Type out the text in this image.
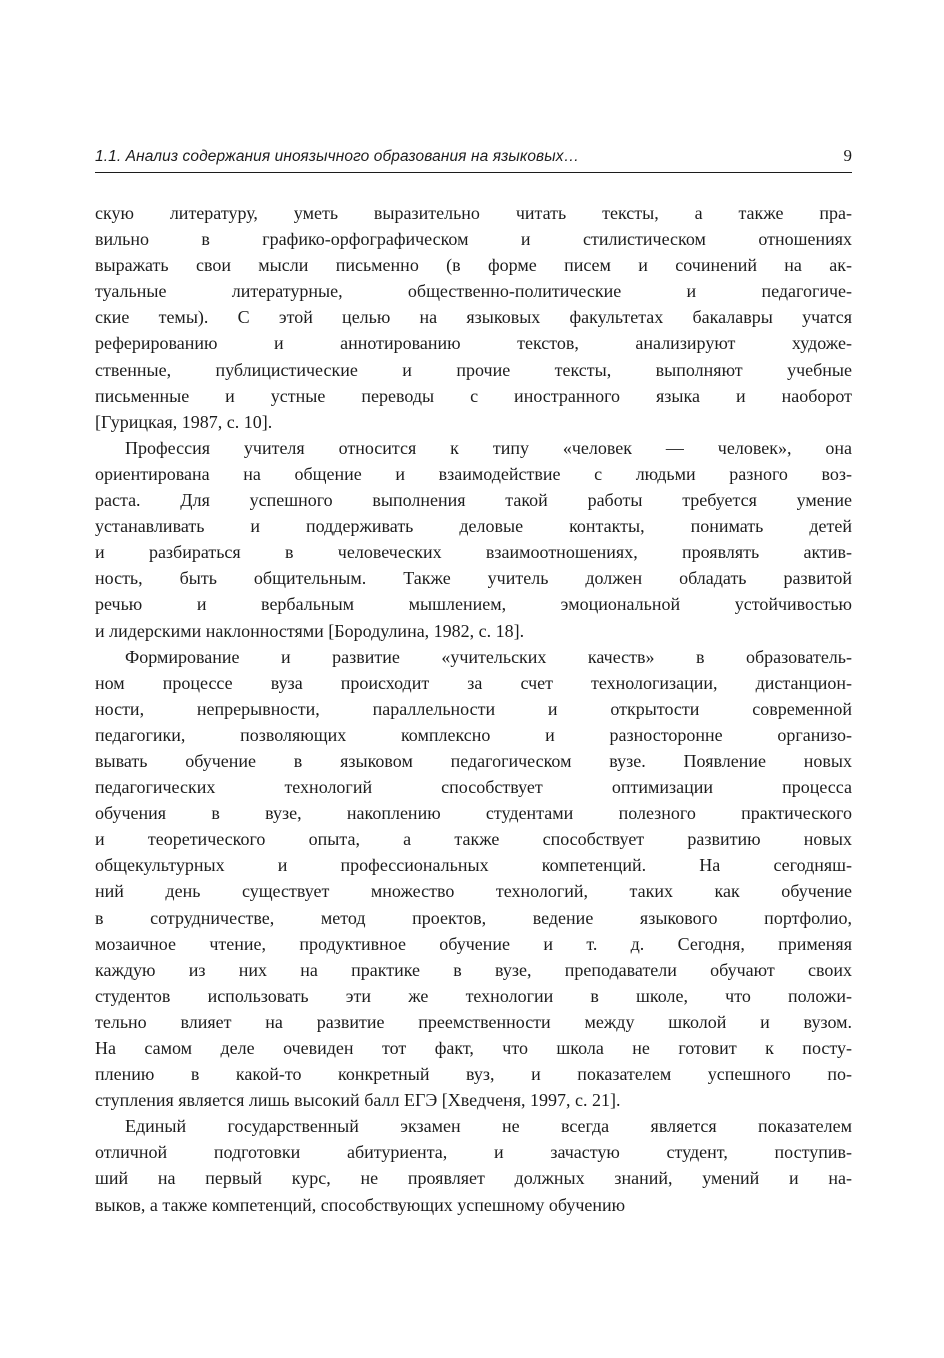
1.1. Анализ содержания иноязычного образования на языковых…	9
скую литературу, уметь выразительно читать тексты, а также пра-
вильно в графико-орфографическом и стилистическом отношениях
выражать свои мысли письменно (в форме писем и сочинений на ак-
туальные литературные, общественно-политические и педагогиче-
ские темы). С этой целью на языковых факультетах бакалавры учатся
реферированию и аннотированию текстов, анализируют художе-
ственные, публицистические и прочие тексты, выполняют учебные
письменные и устные переводы с иностранного языка и наоборот
[Гурицкая, 1987, с. 10].
Профессия учителя относится к типу «человек — человек», она
ориентирована на общение и взаимодействие с людьми разного воз-
раста. Для успешного выполнения такой работы требуется умение
устанавливать и поддерживать деловые контакты, понимать детей
и разбираться в человеческих взаимоотношениях, проявлять актив-
ность, быть общительным. Также учитель должен обладать развитой
речью и вербальным мышлением, эмоциональной устойчивостью
и лидерскими наклонностями [Бородулина, 1982, с. 18].
Формирование и развитие «учительских качеств» в образователь-
ном процессе вуза происходит за счет технологизации, дистанцион-
ности, непрерывности, параллельности и открытости современной
педагогики, позволяющих комплексно и разносторонне организо-
вывать обучение в языковом педагогическом вузе. Появление новых
педагогических технологий способствует оптимизации процесса
обучения в вузе, накоплению студентами полезного практического
и теоретического опыта, а также способствует развитию новых
общекультурных и профессиональных компетенций. На сегодняш-
ний день существует множество технологий, таких как обучение
в сотрудничестве, метод проектов, ведение языкового портфолио,
мозаичное чтение, продуктивное обучение и т. д. Сегодня, применяя
каждую из них на практике в вузе, преподаватели обучают своих
студентов использовать эти же технологии в школе, что положи-
тельно влияет на развитие преемственности между школой и вузом.
На самом деле очевиден тот факт, что школа не готовит к посту-
плению в какой-то конкретный вуз, и показателем успешного по-
ступления является лишь высокий балл ЕГЭ [Хведченя, 1997, с. 21].
Единый государственный экзамен не всегда является показателем
отличной подготовки абитуриента, и зачастую студент, поступив-
ший на первый курс, не проявляет должных знаний, умений и на-
выков, а также компетенций, способствующих успешному обучению
